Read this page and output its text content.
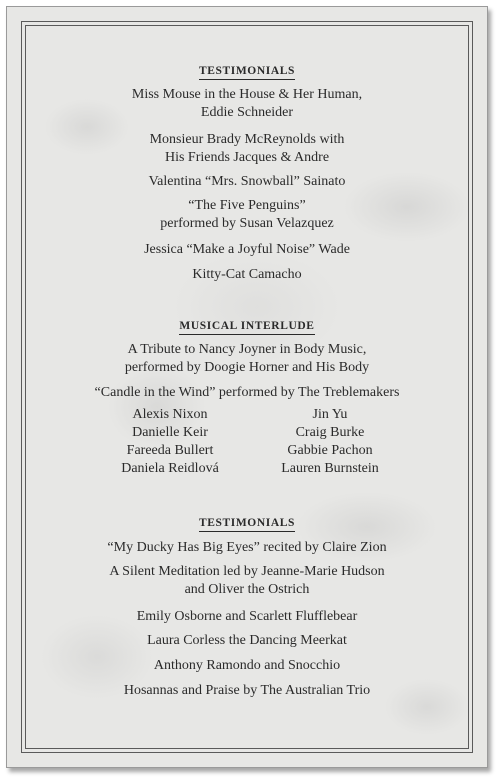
TESTIMONIALS

Miss Mouse in the House & Her Human,

Eddie Schneider

Monsieur Brady McReynolds with

His Friends Jacques & Andre

Valentina “Mrs. Snowball” Sainato

“The Five Penguins”

performed by Susan Velazquez

Jessica “Make a Joyful Noise” Wade

Kitty-Cat Camacho

MUSICAL INTERLUDE

A Tribute to Nancy Joyner in Body Music,

performed by Doogie Horner and His Body

“Candle in the Wind” performed by The Treblemakers

Alexis Nixon
Danielle Keir
Fareeda Bullert
Daniela Reidlová
Jin Yu
Craig Burke
Gabbie Pachon
Lauren Burnstein
TESTIMONIALS

“My Ducky Has Big Eyes” recited by Claire Zion

A Silent Meditation led by Jeanne-Marie Hudson

and Oliver the Ostrich

Emily Osborne and Scarlett Flufflebear

Laura Corless the Dancing Meerkat

Anthony Ramondo and Snocchio

Hosannas and Praise by The Australian Trio
